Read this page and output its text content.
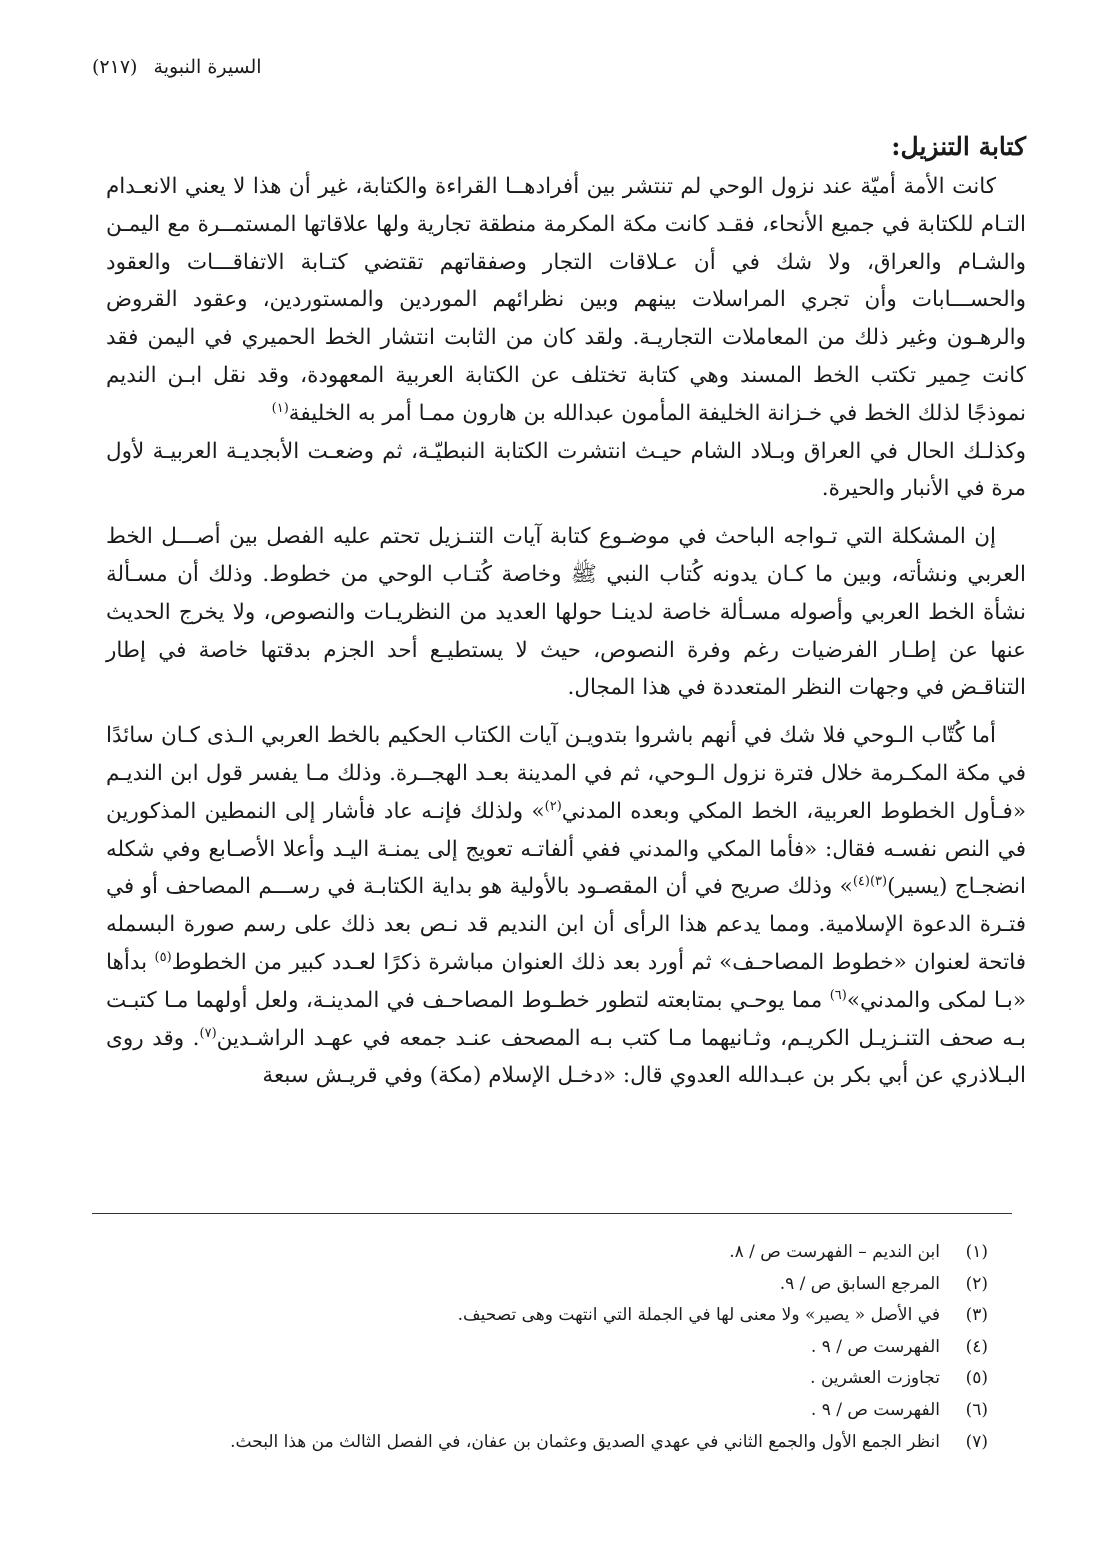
السيرة النبوية (٢١٧)
كتابة التنزيل:

كانت الأمة أميّة عند نزول الوحي لم تنتشر بين أفرادهــا القراءة والكتابة، غير أن هذا لا يعني الانعـدام التـام للكتابة في جميع الأنحاء، فقـد كانت مكة المكرمة منطقة تجارية ولها علاقاتها المستمــرة مع اليمـن والشـام والعراق، ولا شك في أن عـلاقات التجار وصفقاتهم تقتضي كتـابة الاتفاقـــات والعقود والحســـابات وأن تجري المراسلات بينهم وبين نظرائهم الموردين والمستوردين، وعقود القروض والرهـون وغير ذلك من المعاملات التجاريـة. ولقد كان من الثابت انتشار الخط الحميري في اليمن فقد كانت حِمير تكتب الخط المسند وهي كتابة تختلف عن الكتابة العربية المعهودة، وقد نقل ابـن النديم نموذجًا لذلك الخط في خـزانة الخليفة المأمون عبدالله بن هارون ممـا أمر به الخليفة$^{(١)}$

وكذلـك الحال في العراق وبـلاد الشام حيـث انتشرت الكتابة النبطيّـة، ثم وضعـت الأبجديـة العربيـة لأول مرة في الأنبار والحيرة.

إن المشكلة التي تـواجه الباحث في موضـوع كتابة آيات التنـزيل تحتم عليه الفصل بين أصـــل الخط العربي ونشأته، وبين ما كـان يدونه كُتاب النبي ﷺ وخاصة كُتـاب الوحي من خطوط. وذلك أن مسـألة نشأة الخط العربي وأصوله مسـألة خاصة لدينـا حولها العديد من النظريـات والنصوص، ولا يخرج الحديث عنها عن إطـار الفرضيات رغم وفرة النصوص، حيث لا يستطيـع أحد الجزم بدقتها خاصة في إطار التناقـض في وجهات النظر المتعددة في هذا المجال.

أما كُتّاب الـوحي فلا شك في أنهم باشروا بتدويـن آيات الكتاب الحكيم بالخط العربي الـذى كـان سائدًا في مكة المكـرمة خلال فترة نزول الـوحي، ثم في المدينة بعـد الهجــرة. وذلك مـا يفسر قول ابن النديـم «فـأول الخطوط العربية، الخط المكي وبعده المدني$^{(٢)}$» ولذلك فإنـه عاد فأشار إلى النمطين المذكورين في النص نفسـه فقال: «فأما المكي والمدني ففي ألفاتـه تعويج إلى يمنـة اليـد وأعلا الأصـابع وفي شكله انضجـاج (يسير)$^{(٣)(٤)}$» وذلك صريح في أن المقصـود بالأولية هو بداية الكتابـة في رســـم المصاحف أو في فتـرة الدعوة الإسلامية. ومما يدعم هذا الرأى أن ابن النديم قد نـص بعد ذلك على رسم صورة البسمله فاتحة لعنوان «خطوط المصاحـف» ثم أورد بعد ذلك العنوان مباشرة ذكرًا لعـدد كبير من الخطوط$^{(٥)}$ بدأها «بـا لمكى والمدني»$^{(٦)}$ مما يوحـي بمتابعته لتطور خطـوط المصاحـف في المدينـة، ولعل أولهما مـا كتبـت بـه صحف التنـزيـل الكريـم، وثـانيهما مـا كتب بـه المصحف عنـد جمعه في عهـد الراشـدين$^{(٧)}$. وقد روى البـلاذري عن أبي بكر بن عبـدالله العدوي قال: «دخـل الإسلام (مكة) وفي قريـش سبعة

(١)
ابن النديم – الفهرست ص / ٨.
(٢)
المرجع السابق ص / ٩.
(٣)
في الأصل « يصير» ولا معنى لها في الجملة التي انتهت وهى تصحيف.
(٤)
الفهرست ص / ٩ .
(٥)
تجاوزت العشرين .
(٦)
الفهرست ص / ٩ .
(٧)
انظر الجمع الأول والجمع الثاني في عهدي الصديق وعثمان بن عفان، في الفصل الثالث من هذا البحث.
